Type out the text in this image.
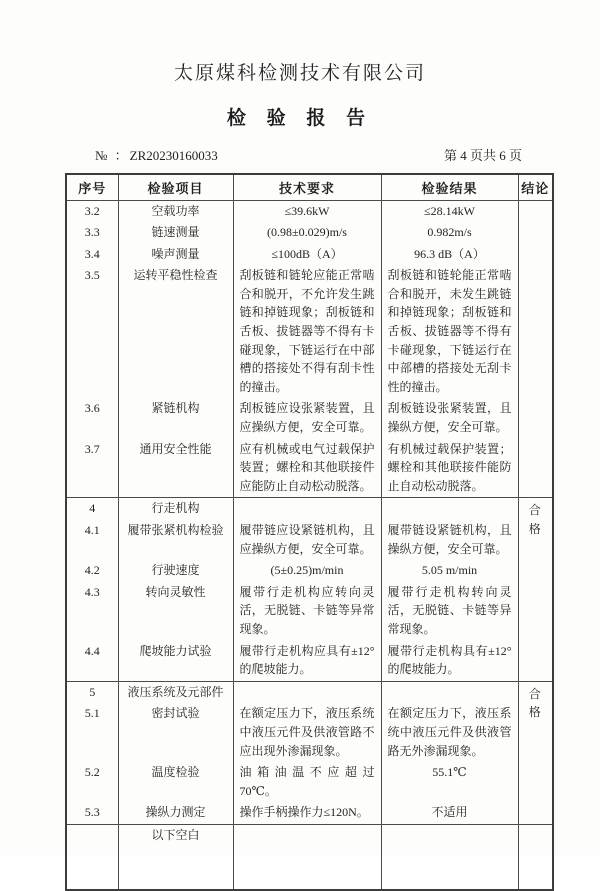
太原煤科检测技术有限公司
检 验 报 告
№ ：ZR20230160033	第 4 页共 6 页
序号	检验项目	技术要求	检验结果	结论
3.2	空载功率	≤39.6kW	≤28.14kW	
3.3	链速测量	(0.98±0.029)m/s	0.982m/s	
3.4	噪声测量	≤100dB（A）	96.3 dB（A）	
3.5	运转平稳性检查	刮板链和链轮应能正常啮合和脱开，不允许发生跳链和掉链现象；刮板链和舌板、拔链器等不得有卡碰现象，下链运行在中部槽的搭接处不得有刮卡性的撞击。	刮板链和链轮能正常啮合和脱开，未发生跳链和掉链现象；刮板链和舌板、拔链器等不得有卡碰现象，下链运行在中部槽的搭接处无刮卡性的撞击。	
3.6	紧链机构	刮板链应设张紧装置，且应操纵方便，安全可靠。	刮板链设张紧装置，且操纵方便，安全可靠。	
3.7	通用安全性能	应有机械或电气过载保护装置；螺栓和其他联接件应能防止自动松动脱落。	有机械过载保护装置；螺栓和其他联接件能防止自动松动脱落。	
4	行走机构			合格
4.1	履带张紧机构检验	履带链应设紧链机构，且应操纵方便，安全可靠。	履带链设紧链机构，且操纵方便，安全可靠。	
4.2	行驶速度	(5±0.25)m/min	5.05 m/min	
4.3	转向灵敏性	履带行走机构应转向灵活，无脱链、卡链等异常现象。	履带行走机构转向灵活，无脱链、卡链等异常现象。	
4.4	爬坡能力试验	履带行走机构应具有±12°的爬坡能力。	履带行走机构具有±12°的爬坡能力。	
5	液压系统及元部件			合格
5.1	密封试验	在额定压力下，液压系统中液压元件及供液管路不应出现外渗漏现象。	在额定压力下，液压系统中液压元件及供液管路无外渗漏现象。	
5.2	温度检验	油箱油温不应超过 70℃。	55.1℃	
5.3	操纵力测定	操作手柄操作力≤120N。	不适用	
	以下空白			
